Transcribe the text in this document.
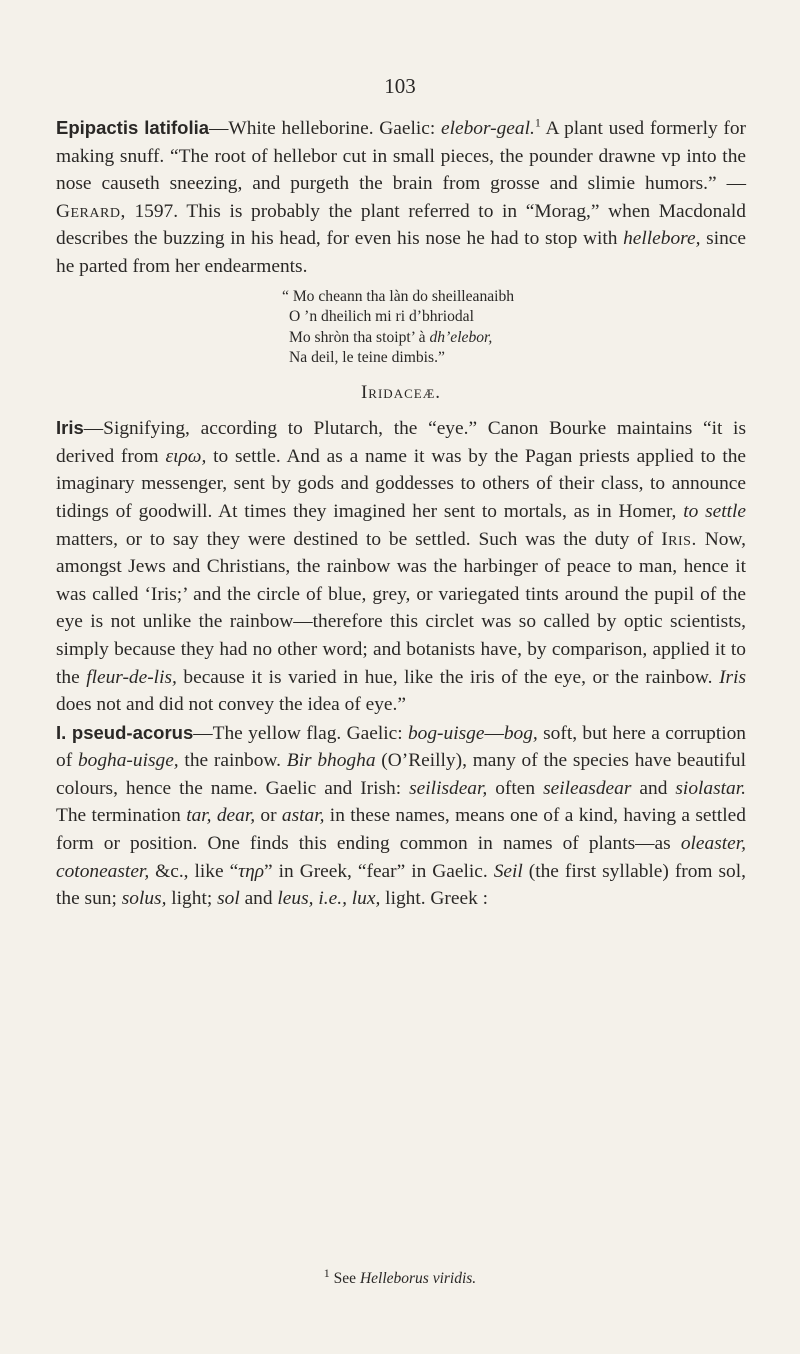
103

Epipactis latifolia—White helleborine. Gaelic: elebor-geal.$^1$ A plant used formerly for making snuff. “The root of hellebor cut in small pieces, the pounder drawne vp into the nose causeth sneezing, and purgeth the brain from grosse and slimie humors.” —Gerard, 1597. This is probably the plant referred to in “Morag,” when Macdonald describes the buzzing in his head, for even his nose he had to stop with hellebore, since he parted from her endearments.

“ Mo cheann tha làn do sheilleanaibh
O ’n dheilich mi ri d’bhriodal
Mo shròn tha stoipt’ à dh’elebor,
Na deil, le teine dimbis.”
Iridaceæ.

Iris—Signifying, according to Plutarch, the “eye.” Canon Bourke maintains “it is derived from ειρω, to settle. And as a name it was by the Pagan priests applied to the imaginary messenger, sent by gods and goddesses to others of their class, to announce tidings of goodwill. At times they imagined her sent to mortals, as in Homer, to settle matters, or to say they were destined to be settled. Such was the duty of Iris. Now, amongst Jews and Christians, the rainbow was the harbinger of peace to man, hence it was called ‘Iris;’ and the circle of blue, grey, or variegated tints around the pupil of the eye is not unlike the rainbow—therefore this circlet was so called by optic scientists, simply because they had no other word; and botanists have, by comparison, applied it to the fleur-de-lis, because it is varied in hue, like the iris of the eye, or the rainbow. Iris does not and did not convey the idea of eye.”

I. pseud-acorus—The yellow flag. Gaelic: bog-uisge—bog, soft, but here a corruption of bogha-uisge, the rainbow. Bir bhogha (O’Reilly), many of the species have beautiful colours, hence the name. Gaelic and Irish: seilisdear, often seileasdear and siolastar. The termination tar, dear, or astar, in these names, means one of a kind, having a settled form or position. One finds this ending common in names of plants—as oleaster, cotoneaster, &c., like “τηρ” in Greek, “fear” in Gaelic. Seil (the first syllable) from sol, the sun; solus, light; sol and leus, i.e., lux, light. Greek :

$^1$ See Helleborus viridis.
